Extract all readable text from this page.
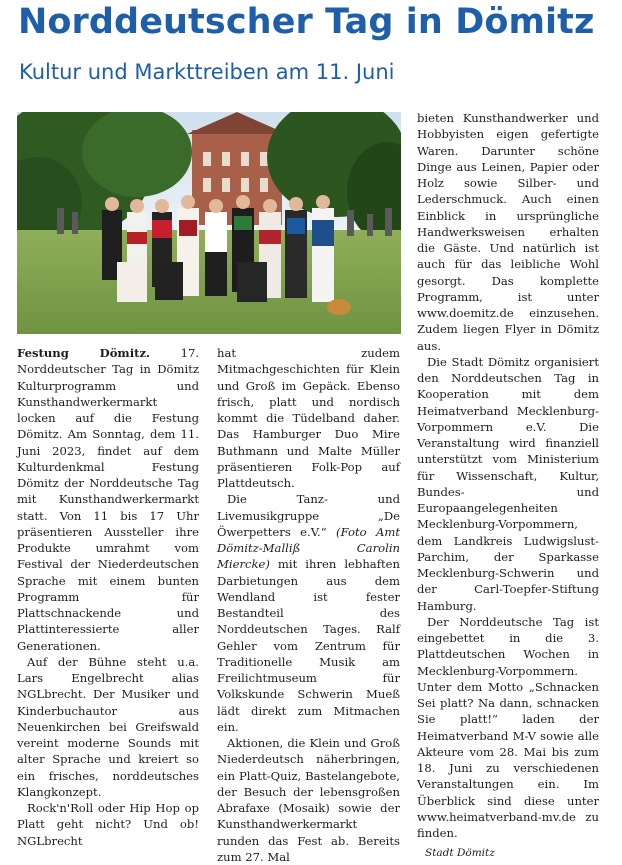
Norddeutscher Tag in Dömitz
Kultur und Markttreiben am 11. Juni

Festung Dömitz. 17. Norddeutscher Tag in Dömitz Kulturprogramm und Kunsthandwerkermarkt locken auf die Festung Dömitz. Am Sonntag, dem 11. Juni 2023, findet auf dem Kulturdenkmal Festung Dömitz der Norddeutsche Tag mit Kunsthandwerkermarkt statt. Von 11 bis 17 Uhr präsentieren Aussteller ihre Produkte umrahmt vom Festival der Niederdeutschen Sprache mit einem bunten Programm für Plattschnackende und Plattinteressierte aller Generationen.

Auf der Bühne steht u.a. Lars Engelbrecht alias NGLbrecht. Der Musiker und Kinderbuchautor aus Neuenkirchen bei Greifswald vereint moderne Sounds mit alter Sprache und kreiert so ein frisches, norddeutsches Klangkonzept.

Rock'n'Roll oder Hip Hop op Platt geht nicht? Und ob! NGLbrecht

hat zudem Mitmachgeschichten für Klein und Groß im Gepäck. Ebenso frisch, platt und nordisch kommt die Tüdelband daher. Das Hamburger Duo Mire Buthmann und Malte Müller präsentieren Folk-Pop auf Plattdeutsch.

Die Tanz- und Livemusikgruppe „De Öwerpetters e.V.“ (Foto Amt Dömitz-Malliß Carolin Miercke) mit ihren lebhaften Darbietungen aus dem Wendland ist fester Bestandteil des Norddeutschen Tages. Ralf Gehler vom Zentrum für Traditionelle Musik am Freilichtmuseum für Volkskunde Schwerin Mueß lädt direkt zum Mitmachen ein.

Aktionen, die Klein und Groß Niederdeutsch näherbringen, ein Platt-Quiz, Bastelangebote, der Besuch der lebensgroßen Abrafaxe (Mosaik) sowie der Kunsthandwerkermarkt runden das Fest ab. Bereits zum 27. Mal

bieten Kunsthandwerker und Hobbyisten eigen gefertigte Waren. Darunter schöne Dinge aus Leinen, Papier oder Holz sowie Silber- und Lederschmuck. Auch einen Einblick in ursprüngliche Handwerksweisen erhalten die Gäste. Und natürlich ist auch für das leibliche Wohl gesorgt. Das komplette Programm, ist unter www.doemitz.de einzusehen. Zudem liegen Flyer in Dömitz aus.

Die Stadt Dömitz organisiert den Norddeutschen Tag in Kooperation mit dem Heimatverband Mecklenburg-Vorpommern e.V. Die Veranstaltung wird finanziell unterstützt vom Ministerium für Wissenschaft, Kultur, Bundes- und Europaangelegenheiten Mecklenburg-Vorpommern, dem Landkreis Ludwigslust-Parchim, der Sparkasse Mecklenburg-Schwerin und der Carl-Toepfer-Stiftung Hamburg.

Der Norddeutsche Tag ist eingebettet in die 3. Plattdeutschen Wochen in Mecklenburg-Vorpommern. Unter dem Motto „Schnacken Sei platt? Na dann, schnacken Sie platt!“ laden der Heimatverband M-V sowie alle Akteure vom 28. Mai bis zum 18. Juni zu verschiedenen Veranstaltungen ein. Im Überblick sind diese unter www.heimatverband-mv.de zu finden.

Stadt Dömitz
